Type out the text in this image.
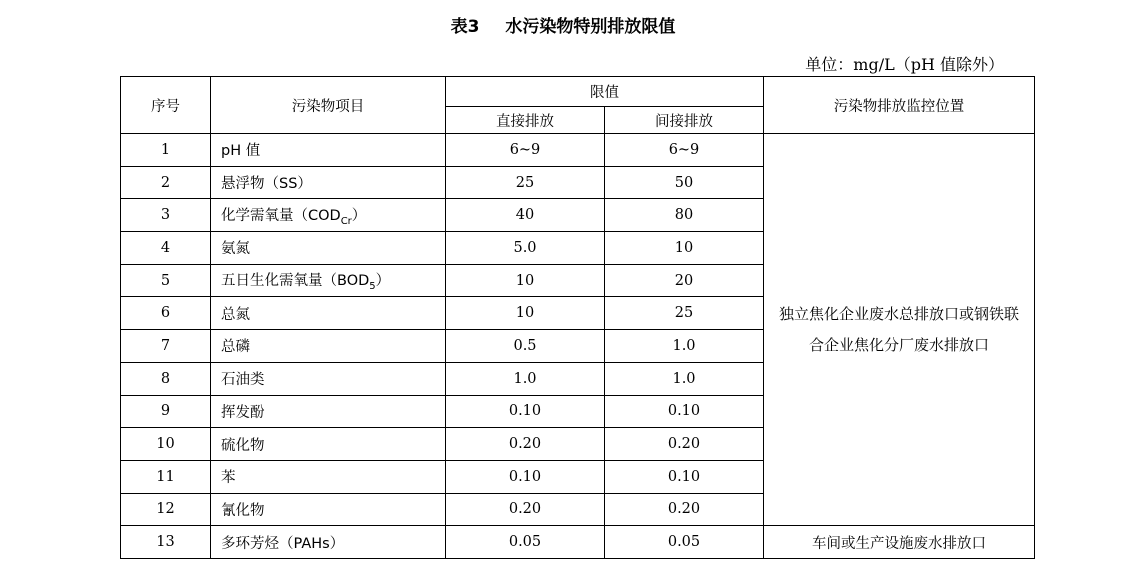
表3 水污染物特别排放限值
单位：mg/L（pH 值除外）
序号	污染物项目	限值		污染物排放监控位置
		直接排放	间接排放	
1	pH 值	6~9	6~9	独立焦化企业废水总排放口或钢铁联合企业焦化分厂废水排放口
2	悬浮物（SS）	25	50	
3	化学需氧量$(COD_{Cr})$	40	80	
4	氨氮	5.0	10	
5	五日生化需氧量$(BOD_5)$	10	20	
6	总氮	10	25	
7	总磷	0.5	1.0	
8	石油类	1.0	1.0	
9	挥发酚	0.10	0.10	
10	硫化物	0.20	0.20	
11	苯	0.10	0.10	
12	氰化物	0.20	0.20	
13	多环芳烃（PAHs）	0.05	0.05	车间或生产设施废水排放口
